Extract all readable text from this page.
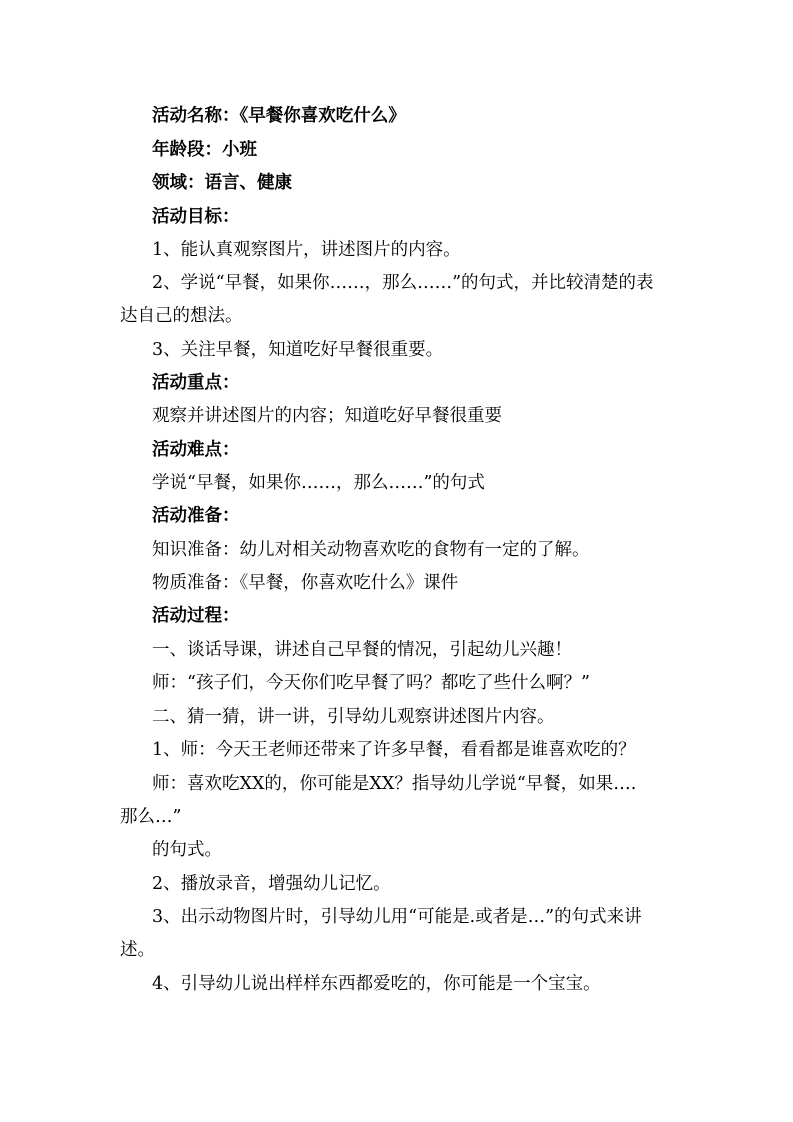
活动名称：《早餐你喜欢吃什么》
年龄段：小班
领域：语言、健康
活动目标：
1、能认真观察图片，讲述图片的内容。
2、学说“早餐，如果你……，那么……”的句式，并比较清楚的表
达自己的想法。
3、关注早餐，知道吃好早餐很重要。
活动重点：
观察并讲述图片的内容；知道吃好早餐很重要
活动难点：
学说“早餐，如果你……，那么……”的句式
活动准备：
知识准备：幼儿对相关动物喜欢吃的食物有一定的了解。
物质准备：《早餐，你喜欢吃什么》课件
活动过程：
一、谈话导课，讲述自己早餐的情况，引起幼儿兴趣！
师：“孩子们，今天你们吃早餐了吗？都吃了些什么啊？”
二、猜一猜，讲一讲，引导幼儿观察讲述图片内容。
1、师：今天王老师还带来了许多早餐，看看都是谁喜欢吃的？
师：喜欢吃XX的，你可能是XX？指导幼儿学说“早餐，如果….
那么…”
的句式。
2、播放录音，增强幼儿记忆。
3、出示动物图片时，引导幼儿用“可能是.或者是…”的句式来讲
述。
4、引导幼儿说出样样东西都爱吃的，你可能是一个宝宝。
